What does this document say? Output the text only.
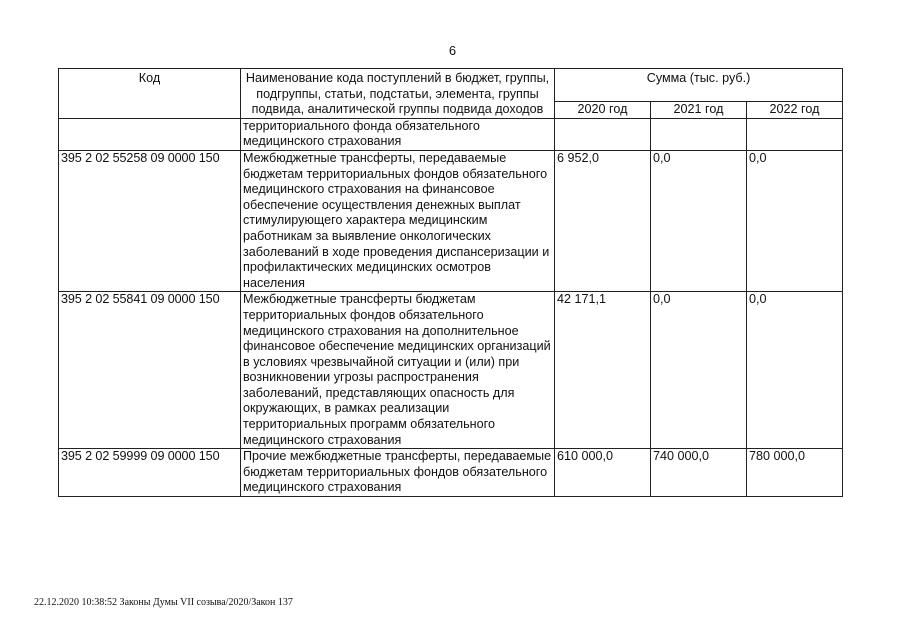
6
Код	Наименование кода поступлений в бюджет, группы, подгруппы, статьи, подстатьи, элемента, группы подвида, аналитической группы подвида доходов	Сумма (тыс. руб.)		
		2020 год	2021 год	2022 год
	территориального фонда обязательного медицинского страхования			
395 2 02 55258 09 0000 150	Межбюджетные трансферты, передаваемые бюджетам территориальных фондов обязательного медицинского страхования на финансовое обеспечение осуществления денежных выплат стимулирующего характера медицинским работникам за выявление онкологических заболеваний в ходе проведения диспансеризации и профилактических медицинских осмотров населения	6 952,0	0,0	0,0
395 2 02 55841 09 0000 150	Межбюджетные трансферты бюджетам территориальных фондов обязательного медицинского страхования на дополнительное финансовое обеспечение медицинских организаций в условиях чрезвычайной ситуации и (или) при возникновении угрозы распространения заболеваний, представляющих опасность для окружающих, в рамках реализации территориальных программ обязательного медицинского страхования	42 171,1	0,0	0,0
395 2 02 59999 09 0000 150	Прочие межбюджетные трансферты, передаваемые бюджетам территориальных фондов обязательного медицинского страхования	610 000,0	740 000,0	780 000,0
22.12.2020 10:38:52 Законы Думы VII созыва/2020/Закон 137
